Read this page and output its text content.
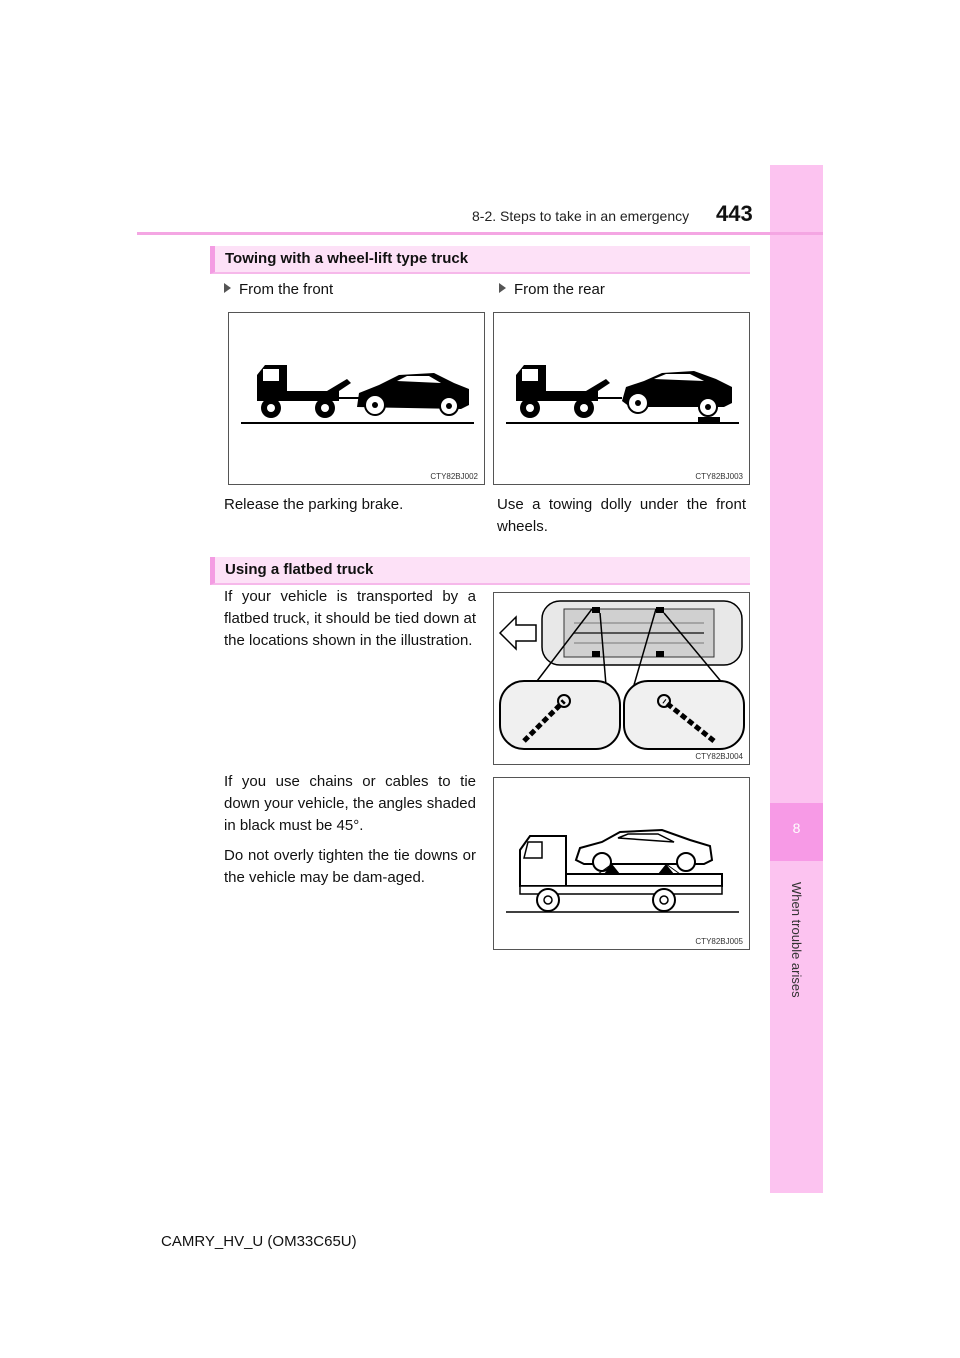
8
When trouble arises
8-2. Steps to take in an emergency 443
Towing with a wheel-lift type truck
From the front	From the rear
CTY82BJ002	CTY82BJ003
Release the parking brake.	Use a towing dolly under the front wheels.
Using a flatbed truck
If your vehicle is transported by a flatbed truck, it should be tied down at the locations shown in the illustration.
CTY82BJ004
If you use chains or cables to tie down your vehicle, the angles shaded in black must be 45°.
Do not overly tighten the tie downs or the vehicle may be dam-aged.
CTY82BJ005
CAMRY_HV_U (OM33C65U)
